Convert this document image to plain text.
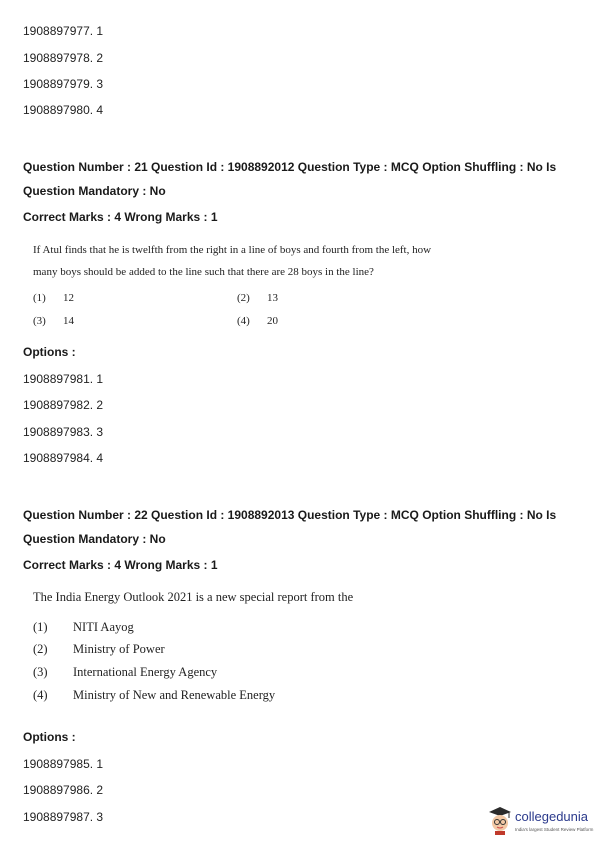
1908897977. 1
1908897978. 2
1908897979. 3
1908897980. 4
Question Number : 21 Question Id : 1908892012 Question Type : MCQ Option Shuffling : No Is
Question Mandatory : No
Correct Marks : 4 Wrong Marks : 1
If Atul finds that he is twelfth from the right in a line of boys and fourth from the left, how
many boys should be added to the line such that there are 28 boys in the line?
(1) 12	(2) 13
(3) 14	(4) 20
Options :
1908897981. 1
1908897982. 2
1908897983. 3
1908897984. 4
Question Number : 22 Question Id : 1908892013 Question Type : MCQ Option Shuffling : No Is
Question Mandatory : No
Correct Marks : 4 Wrong Marks : 1
The India Energy Outlook 2021 is a new special report from the
(1) NITI Aayog
(2) Ministry of Power
(3) International Energy Agency
(4) Ministry of New and Renewable Energy
Options :
1908897985. 1
1908897986. 2
1908897987. 3	collegedunia
India's largest Student Review Platform
